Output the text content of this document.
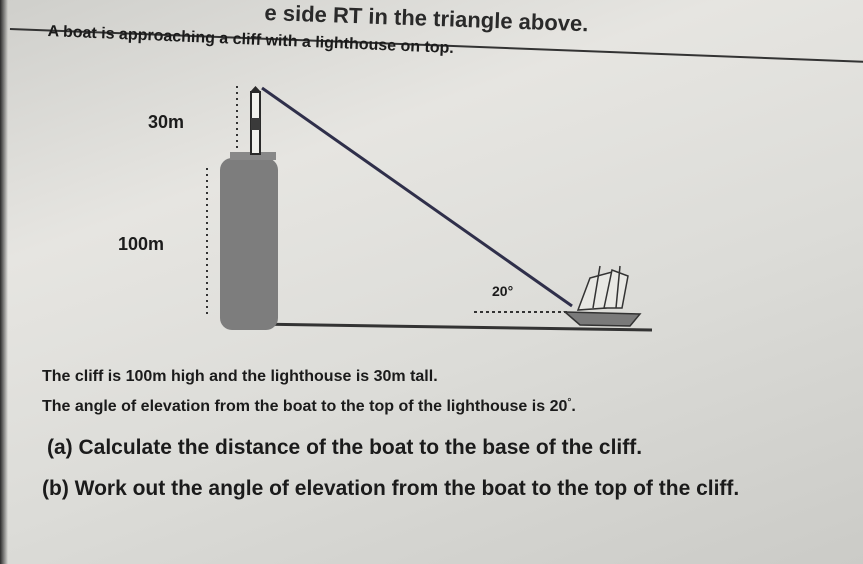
e side RT in the triangle above.
A boat is approaching a cliff with a lighthouse on top.
30m
100m
20°
The cliff is 100m high and the lighthouse is 30m tall.
The angle of elevation from the boat to the top of the lighthouse is 20°.
(a) Calculate the distance of the boat to the base of the cliff.
(b) Work out the angle of elevation from the boat to the top of the cliff.
